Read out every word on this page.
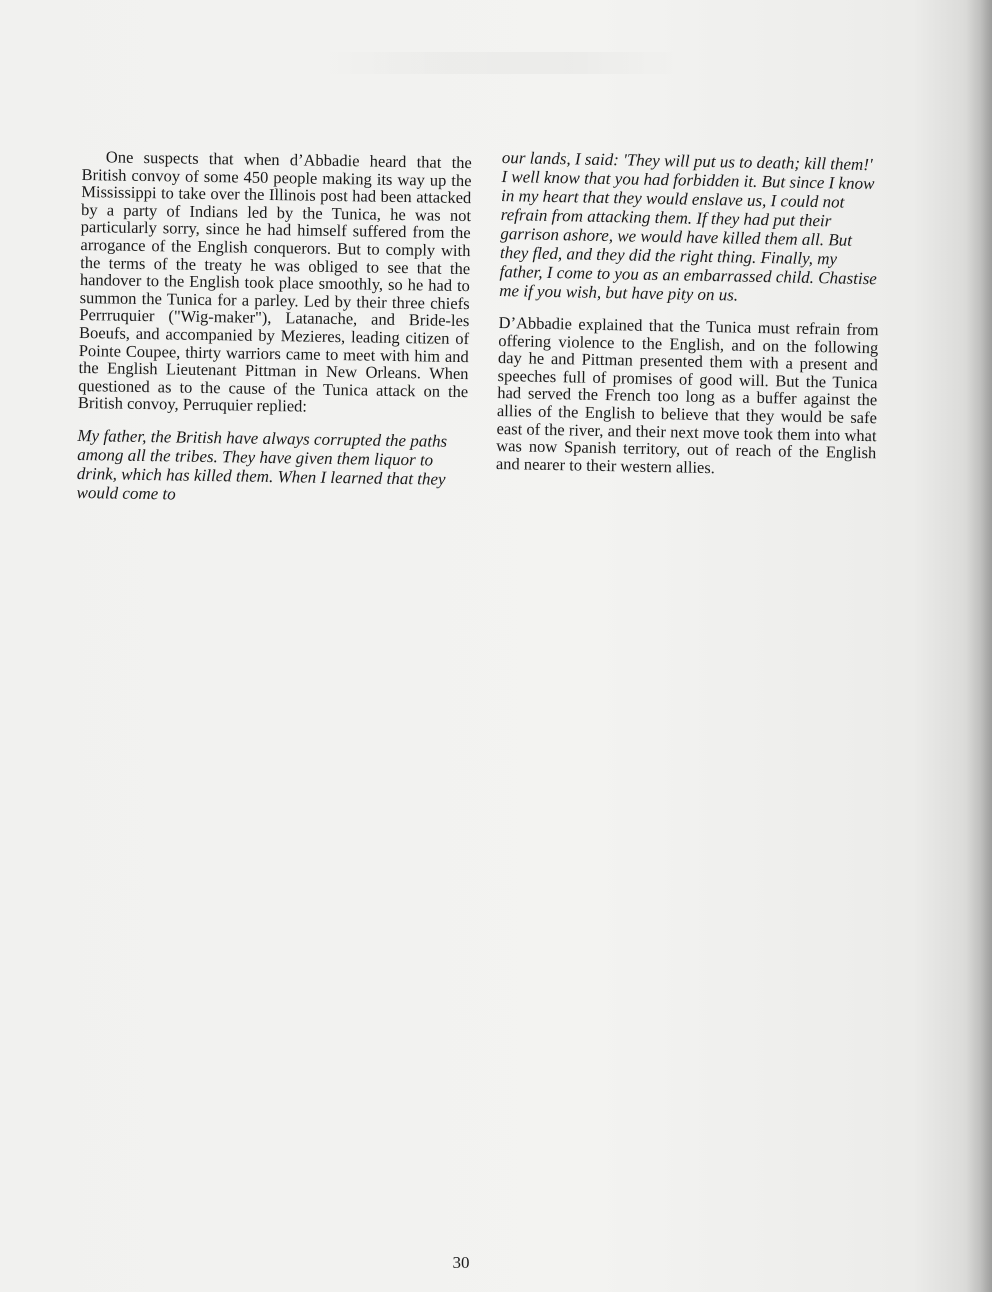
One suspects that when d’Abbadie heard that the British convoy of some 450 people making its way up the Mississippi to take over the Illinois post had been attacked by a party of Indians led by the Tunica, he was not particularly sorry, since he had himself suffered from the arrogance of the English conquerors. But to comply with the terms of the treaty he was obliged to see that the handover to the English took place smoothly, so he had to summon the Tunica for a parley. Led by their three chiefs Perrruquier ("Wig-maker"), Latanache, and Bride-les Boeufs, and accompanied by Mezieres, leading citizen of Pointe Coupee, thirty warriors came to meet with him and the English Lieutenant Pittman in New Orleans. When questioned as to the cause of the Tunica attack on the British convoy, Perruquier replied:

My father, the British have always corrupted the paths among all the tribes. They have given them liquor to drink, which has killed them. When I learned that they would come to

our lands, I said: 'They will put us to death; kill them!' I well know that you had forbidden it. But since I know in my heart that they would enslave us, I could not refrain from attacking them. If they had put their garrison ashore, we would have killed them all. But they fled, and they did the right thing. Finally, my father, I come to you as an embarrassed child. Chastise me if you wish, but have pity on us.

D’Abbadie explained that the Tunica must refrain from offering violence to the English, and on the following day he and Pittman presented them with a present and speeches full of promises of good will. But the Tunica had served the French too long as a buffer against the allies of the English to believe that they would be safe east of the river, and their next move took them into what was now Spanish territory, out of reach of the English and nearer to their western allies.

30
